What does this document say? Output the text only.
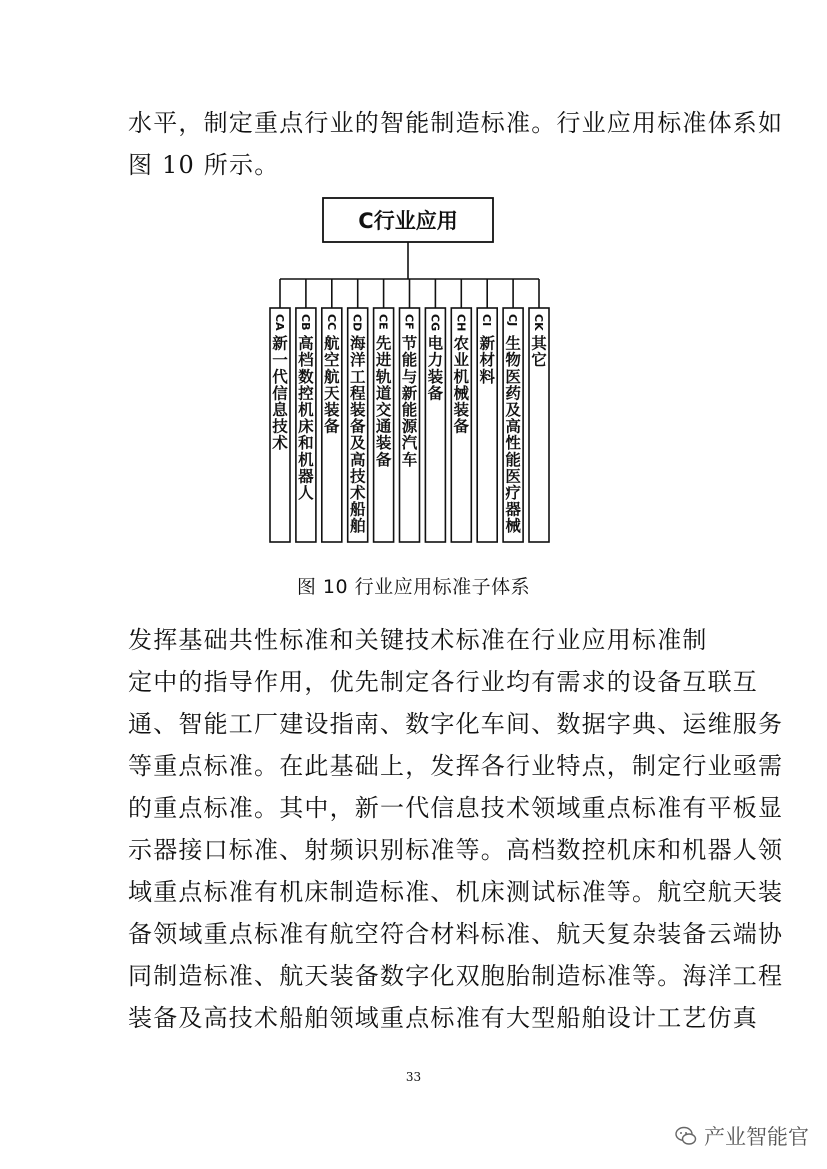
水平，制定重点行业的智能制造标准。行业应用标准体系如
图 10 所示。
C行业应用
CA
新
一
代
信
息
技
术
CB
高
档
数
控
机
床
和
机
器
人
CC
航
空
航
天
装
备
CD
海
洋
工
程
装
备
及
高
技
术
船
舶
CE
先
进
轨
道
交
通
装
备
CF
节
能
与
新
能
源
汽
车
CG
电
力
装
备
CH
农
业
机
械
装
备
CI
新
材
料
CJ
生
物
医
药
及
高
性
能
医
疗
器
械
CK
其
它
图 10 行业应用标准子体系
发挥基础共性标准和关键技术标准在行业应用标准制
定中的指导作用，优先制定各行业均有需求的设备互联互
通、智能工厂建设指南、数字化车间、数据字典、运维服务
等重点标准。在此基础上，发挥各行业特点，制定行业亟需
的重点标准。其中，新一代信息技术领域重点标准有平板显
示器接口标准、射频识别标准等。高档数控机床和机器人领
域重点标准有机床制造标准、机床测试标准等。航空航天装
备领域重点标准有航空符合材料标准、航天复杂装备云端协
同制造标准、航天装备数字化双胞胎制造标准等。海洋工程
装备及高技术船舶领域重点标准有大型船舶设计工艺仿真
33
产业智能官
